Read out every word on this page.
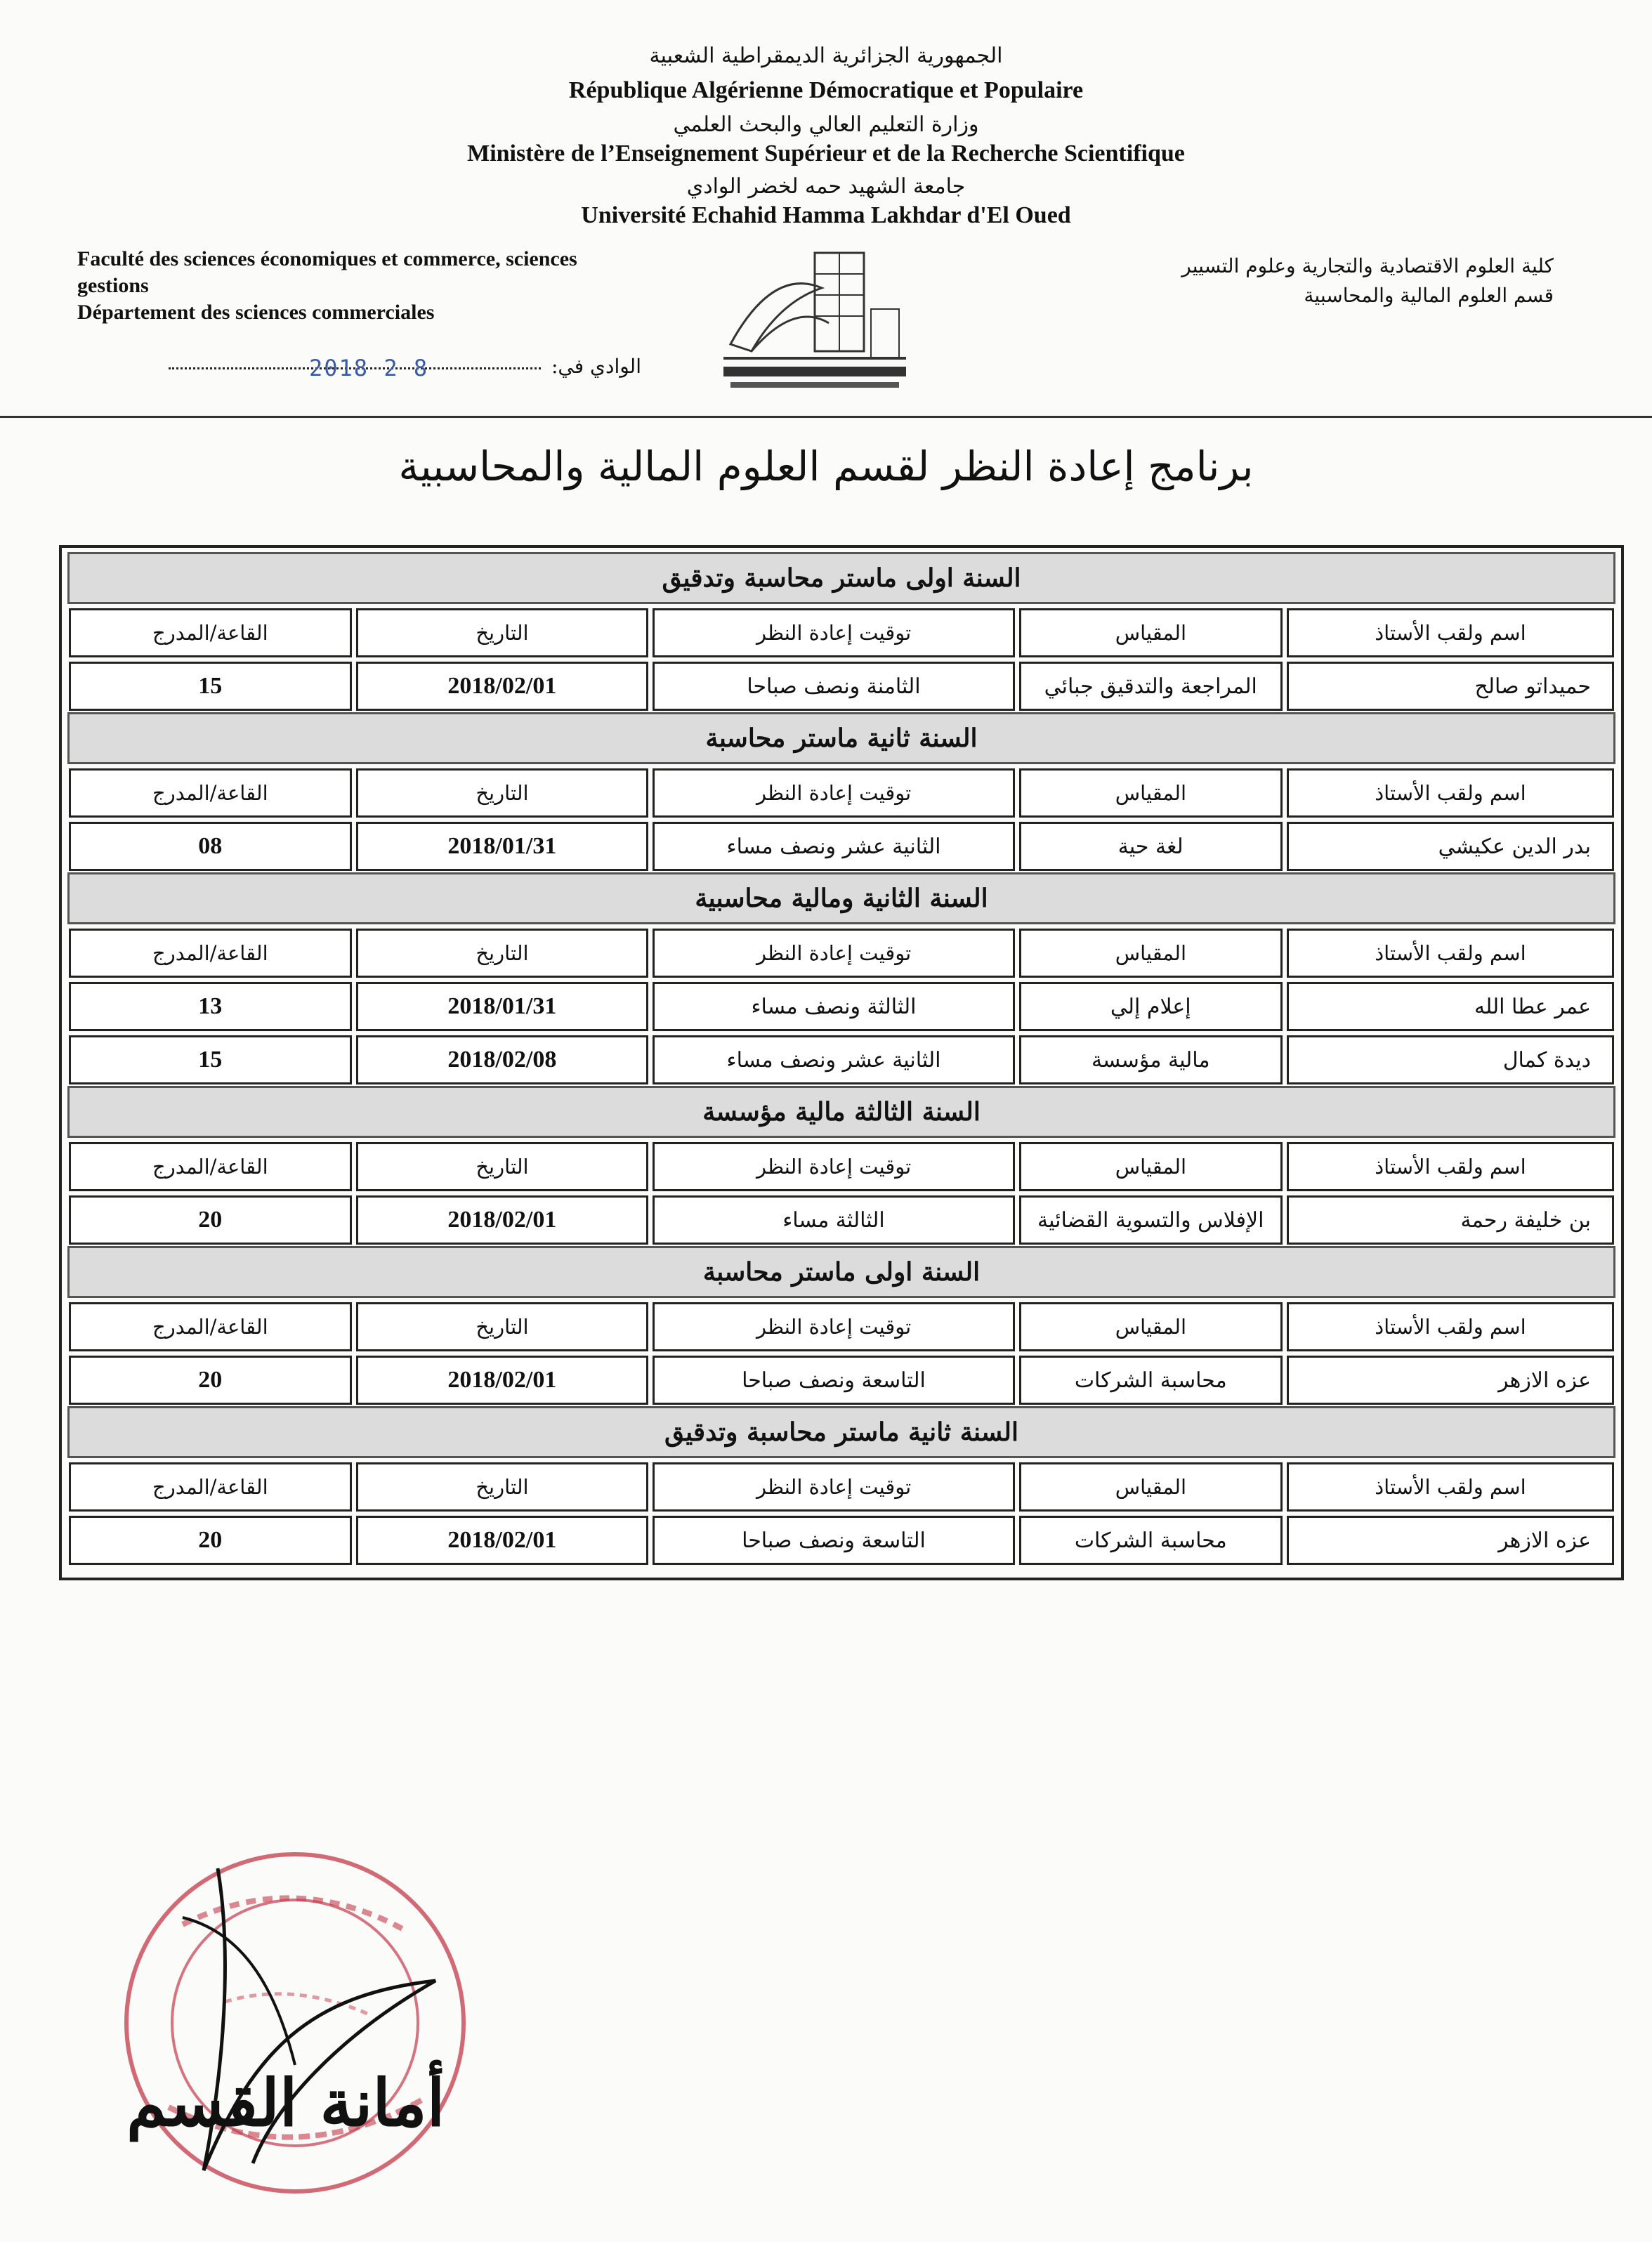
الجمهورية الجزائرية الديمقراطية الشعبية
République Algérienne Démocratique et Populaire
وزارة التعليم العالي والبحث العلمي
Ministère de l’Enseignement Supérieur et de la Recherche Scientifique
جامعة الشهيد حمه لخضر الوادي
Université Echahid Hamma Lakhdar d'El Oued
Faculté des sciences économiques et commerce, sciences
gestions
Département des sciences commerciales
كلية العلوم الاقتصادية والتجارية وعلوم التسيير
قسم العلوم المالية والمحاسبية
2018 2 8	الوادي في:
برنامج إعادة النظر لقسم العلوم المالية والمحاسبية
السنة اولى ماستر محاسبة وتدقيق
اسم ولقب الأستاذ
المقياس
توقيت إعادة النظر
التاريخ
القاعة/المدرج
حميداتو صالح
المراجعة والتدقيق جبائي
الثامنة ونصف صباحا
2018/02/01
15
السنة ثانية ماستر محاسبة
اسم ولقب الأستاذ
المقياس
توقيت إعادة النظر
التاريخ
القاعة/المدرج
بدر الدين عكيشي
لغة حية
الثانية عشر ونصف مساء
2018/01/31
08
السنة الثانية ومالية محاسبية
اسم ولقب الأستاذ
المقياس
توقيت إعادة النظر
التاريخ
القاعة/المدرج
عمر عطا الله
إعلام إلي
الثالثة ونصف مساء
2018/01/31
13
ديدة كمال
مالية مؤسسة
الثانية عشر ونصف مساء
2018/02/08
15
السنة الثالثة مالية مؤسسة
اسم ولقب الأستاذ
المقياس
توقيت إعادة النظر
التاريخ
القاعة/المدرج
بن خليفة رحمة
الإفلاس والتسوية القضائية
الثالثة مساء
2018/02/01
20
السنة اولى ماستر محاسبة
اسم ولقب الأستاذ
المقياس
توقيت إعادة النظر
التاريخ
القاعة/المدرج
عزه الازهر
محاسبة الشركات
التاسعة ونصف صباحا
2018/02/01
20
السنة ثانية ماستر محاسبة وتدقيق
اسم ولقب الأستاذ
المقياس
توقيت إعادة النظر
التاريخ
القاعة/المدرج
عزه الازهر
محاسبة الشركات
التاسعة ونصف صباحا
2018/02/01
20
أمانة القسم
